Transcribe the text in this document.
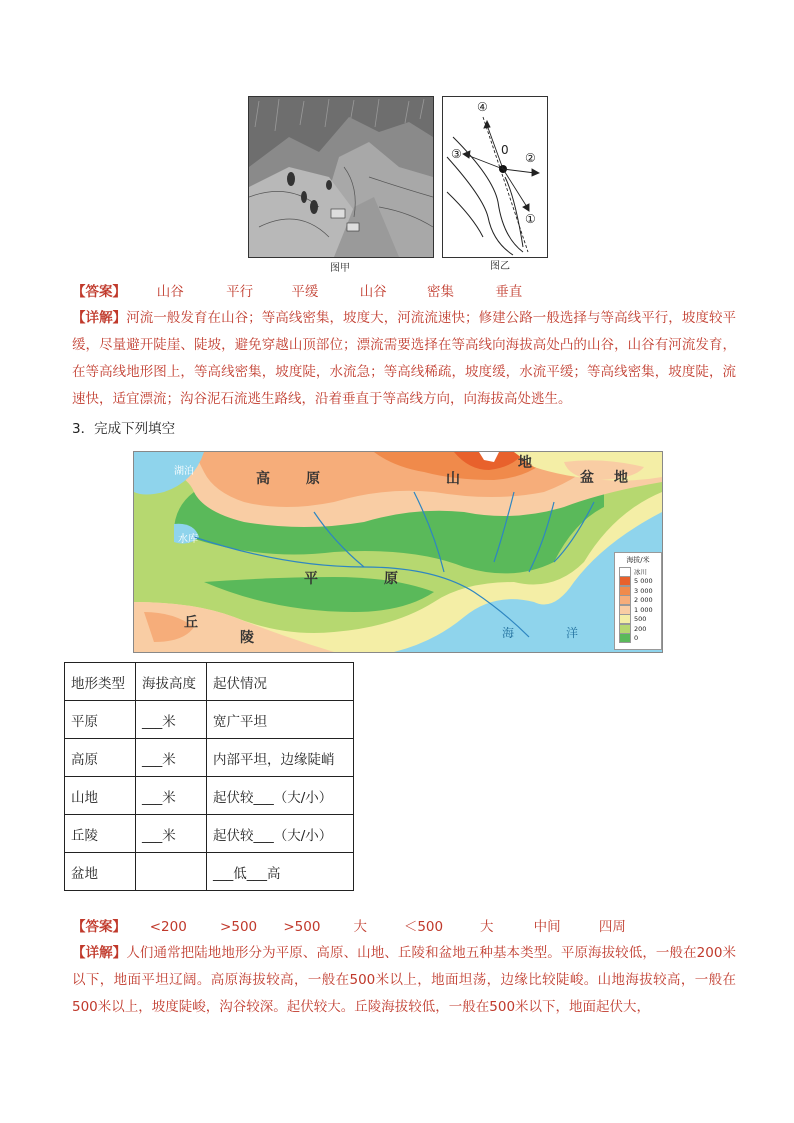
图甲
④
③	②
①
0
图乙
【答案】 山谷	平行	平缓	山谷	密集	垂直
【详解】河流一般发育在山谷；等高线密集，坡度大，河流流速快；修建公路一般选择与等高线平行，坡度较平缓，尽量避开陡崖、陡坡，避免穿越山顶部位；漂流需要选择在等高线向海拔高处凸的山谷，山谷有河流发育，在等高线地形图上，等高线密集，坡度陡，水流急；等高线稀疏，坡度缓，水流平缓；等高线密集，坡度陡，流速快，适宜漂流；沟谷泥石流逃生路线，沿着垂直于等高线方向，向海拔高处逃生。
3．完成下列填空
湖泊
水库
高	原	山
地
盆 地
平	原
丘
陵	海	洋
海拔/米
冰川
5 000
3 000
2 000
1 000
500
200
0
地形类型	海拔高度	起伏情况
平原	___米	宽广平坦
高原	___米	内部平坦，边缘陡峭
山地	___米	起伏较___（大/小）
丘陵	___米	起伏较___（大/小）
盆地		___低___高
【答案】 <200 >500 >500 大	＜500	大	中间	四周
【详解】人们通常把陆地地形分为平原、高原、山地、丘陵和盆地五种基本类型。平原海拔较低，一般在200米以下，地面平坦辽阔。高原海拔较高，一般在500米以上，地面坦荡，边缘比较陡峻。山地海拔较高，一般在500米以上，坡度陡峻，沟谷较深。起伏较大。丘陵海拔较低，一般在500米以下，地面起伏大，
